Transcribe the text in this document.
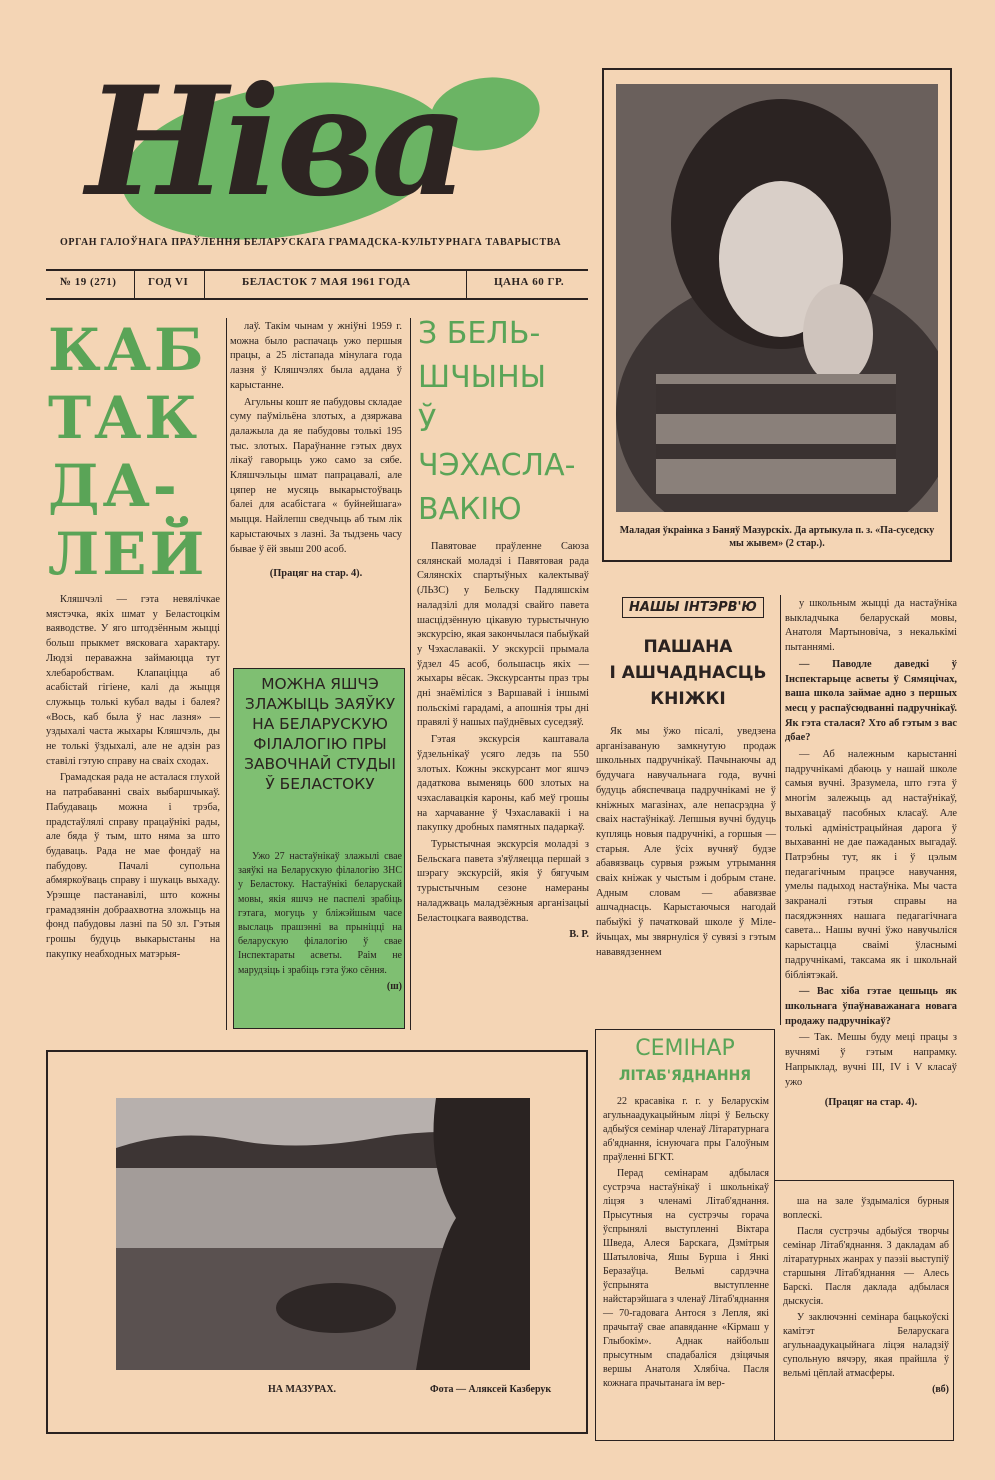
Ніва
ОРГАН ГАЛОЎНАГА ПРАЎЛЕННЯ БЕЛАРУСКАГА ГРАМАДСКА-КУЛЬТУРНАГА ТАВАРЫСТВА
№ 19 (271)	ГОД VI	БЕЛАСТОК 7 МАЯ 1961 ГОДА	ЦАНА 60 ГР.
КАБ
ТАК
ДА-
ЛЕЙ

Кляшчэлі — гэта невялічкае мястэчка, якіх шмат у Беластоцкім ваяводстве. У яго штодзённым жыцці больш прыкмет вясковага характару. Людзі пераважна займаюцца тут хлебаробствам. Клапаціцца аб асабістай гігіене, калі да жыцця служыць толькі кубал вады і балея? «Вось, каб была ў нас лазня» — уздыхалі часта жыхары Кляшчэль, ды не толькі ўздыхалі, але не адзін раз ставілі гэтую справу на сваіх сходах.

Грамадская рада не асталася глухой на патрабаванні сваіх выбаршчыкаў. Пабудаваць можна і трэба, прадстаўлялі справу працаўнікі рады, але бяда ў тым, што няма за што будаваць. Рада не мае фондаў на пабудову. Пачалі супольна абмяркоўваць справу і шукаць выхаду. Урэшце пастанавілі, што кожны грамадзянін добраахвотна зложыць на фонд пабудовы лазні па 50 зл. Гэтыя грошы будуць выкарыстаны на пакупку неабходных матэрыя-

лаў. Такім чынам у жніўні 1959 г. можна было распачаць ужо першыя працы, а 25 лістапада мінулага года лазня ў Кляшчэлях была аддана ў карыстанне.

Агульны кошт яе пабудовы складае суму паўмільёна злотых, а дзяржава далажыла да яе пабудовы толькі 195 тыс. злотых. Параўнанне гэтых двух лікаў гаворыць ужо само за сябе. Кляшчэльцы шмат папрацавалі, але цяпер не мусяць выкарыстоўваць балеі для асабістага « буйнейшага» мыцця. Найлепш сведчыць аб тым лік карыстаючых з лазні. За тыдзень часу бывае ў ёй звыш 200 асоб.

(Працяг на стар. 4).
МОЖНА ЯШЧЭ ЗЛАЖЫЦЬ ЗАЯЎКУ НА БЕЛАРУСКУЮ ФІЛАЛОГІЮ ПРЫ ЗАВОЧНАЙ СТУДЫІ Ў БЕЛАСТОКУ

Ужо 27 настаўнікаў злажылі свае заяўкі на Беларускую філалогію ЗНС у Беластоку. Настаўнікі беларускай мовы, якія яшчэ не паспелі зрабіць гэтага, могуць у бліжэйшым часе выслаць прашэнні ва прыніцці на беларускую філалогію ў свае Інспектараты асветы. Раім не марудзіць і зрабіць гэта ўжо сёння.

(ш)
З БЕЛЬ-
ШЧЫНЫ
Ў
ЧЭХАСЛА-
ВАКІЮ

Павятовае праўленне Саюза сялянскай моладзі і Павятовая рада Сялянскіх спартыўных калектываў (ЛЬЗС) у Бельску Падляшскім наладзілі для моладзі свайго павета шасцідзённую цікавую турыстычную экскурсію, якая закончылася пабыўкай у Чэхаславакіі. У экскурсіі прымала ўдзел 45 асоб, большасць якіх — жыхары вёсак. Экскурсанты праз тры дні знаёміліся з Варшавай і іншымі польскімі гарадамі, а апошнія тры дні правялі ў нашых паўднёвых суседзяў.

Гэтая экскурсія каштавала ўдзельнікаў усяго ледзь па 550 злотых. Кожны экскурсант мог яшчэ дадаткова выменяць 600 злотых на чэхаславацкія кароны, каб меў грошы на харчаванне ў Чэхаславакіі і на пакупку дробных памятных падаркаў.

Турыстычная экскурсія моладзі з Бельскага павета з'яўляецца першай з шэрагу экскурсій, якія ў бягучым турыстычным сезоне намераны наладжваць маладзёжныя арганізацыі Беластоцкага ваяводства.

В. Р.
Маладая ўкраінка з Баняў Мазурскіх. Да артыкула п. з. «Па-суседску мы жывем» (2 стар.).
НАШЫ ІНТЭРВ'Ю
ПАШАНА
І АШЧАДНАСЦЬ
КНІЖКІ

Як мы ўжо пісалі, уведзена арганізаваную замкнутую продаж школьных падручнікаў. Пачынаючы ад будучага навучальнага года, вучні будуць абяспечваца падручнікамі не ў кніжных магазінах, але непасрэдна ў сваіх настаўнікаў. Лепшыя вучні будуць купляць новыя падручнікі, а горшыя — старыя. Але ўсіх вучняў будзе абавязваць сурвыя рэжым утрымання сваіх кніжак у чыстым і добрым стане. Адным словам — абавязвае ашчаднасць. Карыстаючыся нагодай пабыўкі ў пачатковай школе ў Мілейчыцах, мы звярнуліся ў сувязі з гэтым нававядзеннем

у школьным жыцці да настаўніка выкладчыка беларускай мовы, Анатоля Мартыновіча, з некалькімі пытаннямі.

— Паводле даведкі ў Інспектарыце асветы ў Сямяцічах, ваша школа займае адно з першых месц у распаўсюдванні падручнікаў. Як гэта сталася? Хто аб гэтым з вас дбае?

— Аб належным карыстанні падручнікамі дбаюць у нашай школе самыя вучні. Зразумела, што гэта ў многім залежыць ад настаўнікаў, выхавацаў пасобных класаў. Але толькі адміністрацыйная дарога ў выхаванні не дае пажаданых выгадаў. Патрэбны тут, як і ў цэлым педагагічным працэсе навучання, умелы падыход настаўніка. Мы часта закраналі гэтыя справы на пасяджэннях нашага педагагічнага савета... Нашы вучні ўжо навучыліся карыстацца сваімі ўласнымі падручнікамі, таксама як і школьнай бібліятэкай.

— Вас хіба гэтае цешыць як школьнага ўпаўнаважанага новага продажу падручнікаў?

— Так. Мешы буду меці працы з вучнямі ў гэтым напрамку. Напрыклад, вучні III, IV і V класаў ужо

(Працяг на стар. 4).
СЕМІНАР
ЛІТАБ'ЯДНАННЯ

22 красавіка г. г. у Беларускім агульнаадукацыйным ліцэі ў Бельску адбыўся семінар членаў Літаратурнага аб'яднання, існуючага пры Галоўным праўленні БГКТ.

Перад семінарам адбылася сустрэча настаўнікаў і школьнікаў ліцэя з членамі Літаб'яднання. Прысутныя на сустрэчы горача ўспрынялі выступленні Віктара Шведа, Алеся Барскага, Дзмітрыя Шатыловіча, Яшы Бурша і Янкі Беразаўца. Вельмі сардэчна ўспрынята выступленне найстарэйшага з членаў Літаб'яднання — 70-гадовага Антося з Лепля, які прачытаў свае апавяданне «Кірмаш у Глыбокім». Аднак найбольш прысутным спадабаліся дзіцячыя вершы Анатоля Хлябіча. Пасля кожнага прачытанага ім вер-

ша на зале ўздымаліся бурныя воплескі.

Пасля сустрэчы адбыўся творчы семінар Літаб'яднання. З дакладам аб літаратурных жанрах у паэзіі выступіў старшыня Літаб'яднання — Алесь Барскі. Пасля даклада адбылася дыскусія.

У заключэнні семінара бацькоўскі камітэт Беларускага агульнаадукацыйнага ліцэя наладзіў супольную вячэру, якая прайшла ў вельмі цёплай атмасферы.

(вб)
НА МАЗУРАХ.	Фота — Аляксей Казберук
